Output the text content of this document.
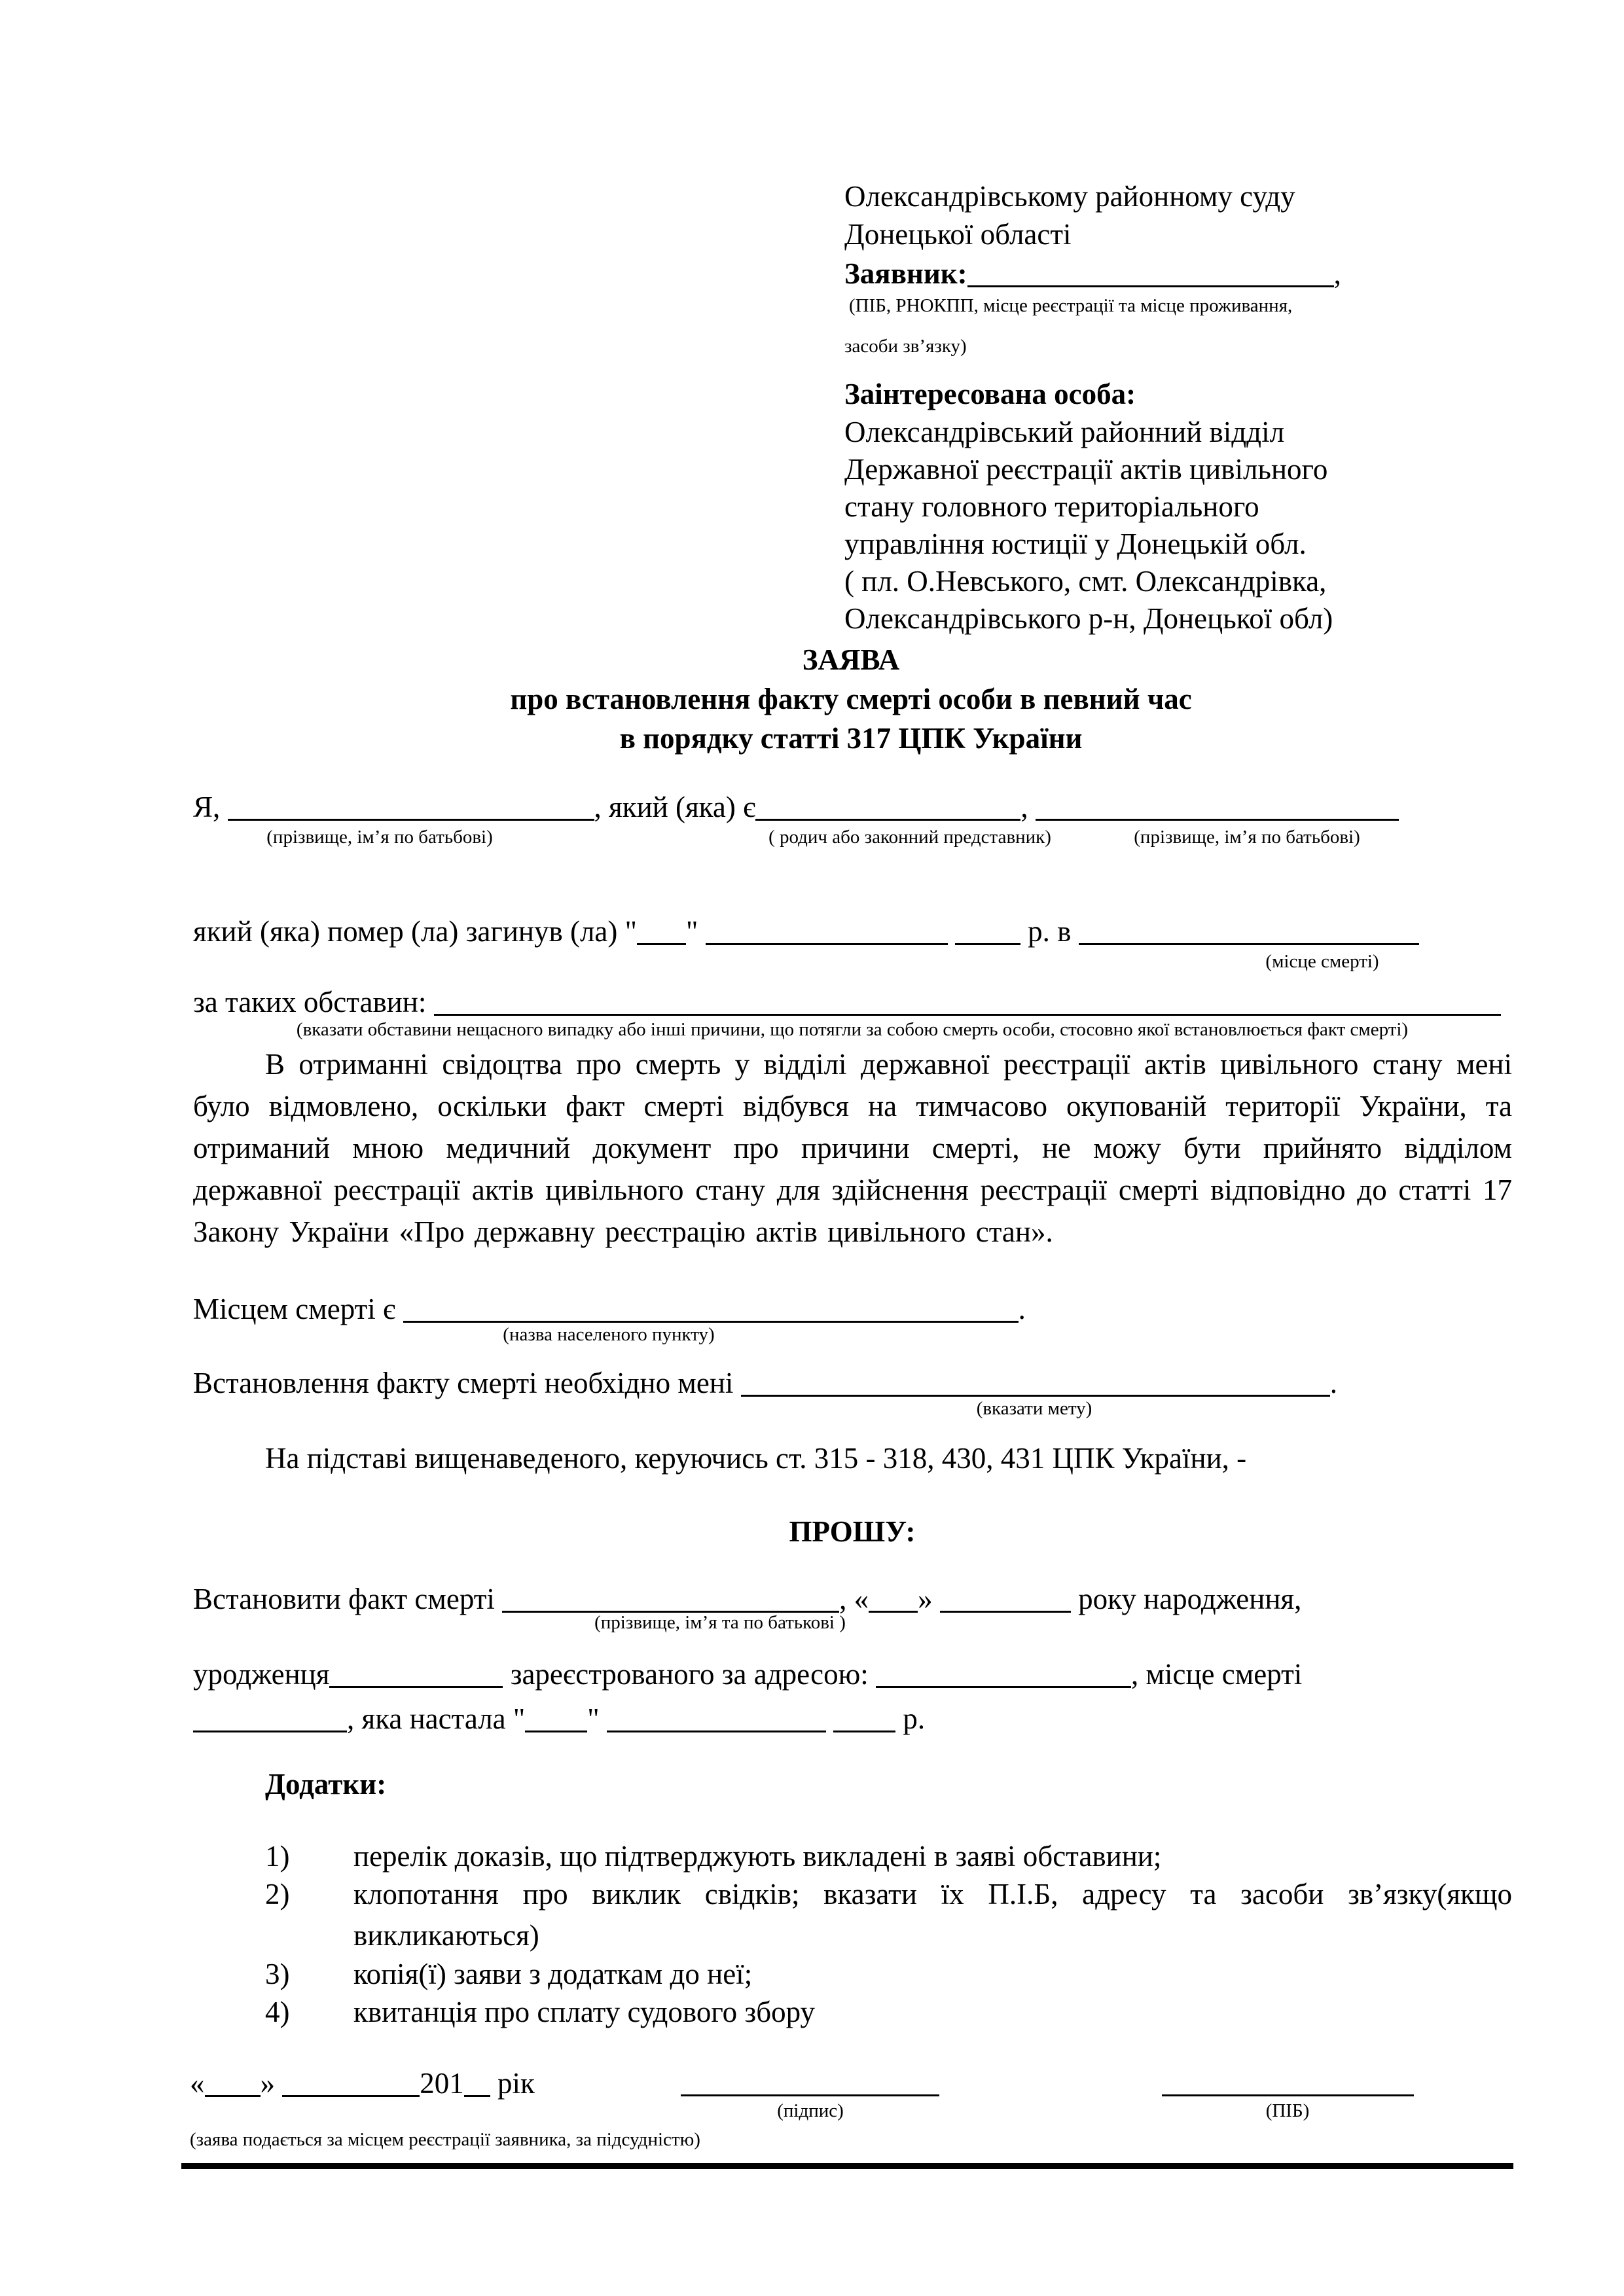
Олександрівському районному суду
Донецької області
Заявник:	,
(ПІБ, РНОКПП, місце реєстрації та місце проживання,
засоби зв’язку)
Заінтересована особа:
Олександрівський районний відділ
Державної реєстрації актів цивільного
стану головного територіального
управління юстиції у Донецькій обл.
( пл. О.Невського, смт. Олександрівка,
Олександрівського р-н, Донецької обл)
ЗАЯВА
про встановлення факту смерті особи в певний час
в порядку статті 317 ЦПК України
Я,	, який (яка) є	,
(прізвище, ім’я по батьбові)	( родич або законний представник)	(прізвище, ім’я по батьбові)
який (яка) помер (ла) загинув (ла) " "	р. в
(місце смерті)
за таких обставин:
(вказати обставини нещасного випадку або інші причини, що потягли за собою смерть особи, стосовно якої встановлюється факт смерті)
В отриманні свідоцтва про смерть у відділі державної реєстрації актів цивільного стану мені було відмовлено, оскільки факт смерті відбувся на тимчасово окупованій території України, та отриманий мною медичний документ про причини смерті, не можу бути прийнято відділом державної реєстрації актів цивільного стану для здійснення реєстрації смерті відповідно до статті 17 Закону України «Про державну реєстрацію актів цивільного стан».
Місцем смерті є	.
(назва населеного пункту)
Встановлення факту смерті необхідно мені	.
(вказати мету)
На підставі вищенаведеного, керуючись ст. 315 - 318, 430, 431 ЦПК України, -
ПРОШУ:
Встановити факт смерті	, « »	року народження,
(прізвище, ім’я та по батькові )
уродженця	зареєстрованого за адресою:	, місце смерті
, яка настала " "	р.
Додатки:
1) перелік доказів, що підтверджують викладені в заяві обставини;
2) клопотання про виклик свідків; вказати їх П.І.Б, адресу та засоби зв’язку(якщо викликаються)
3) копія(ї) заяви з додаткам до неї;
4) квитанція про сплату судового збору
« »	201 рік
(підпис)	(ПІБ)
(заява подається за місцем реєстрації заявника, за підсудністю)
